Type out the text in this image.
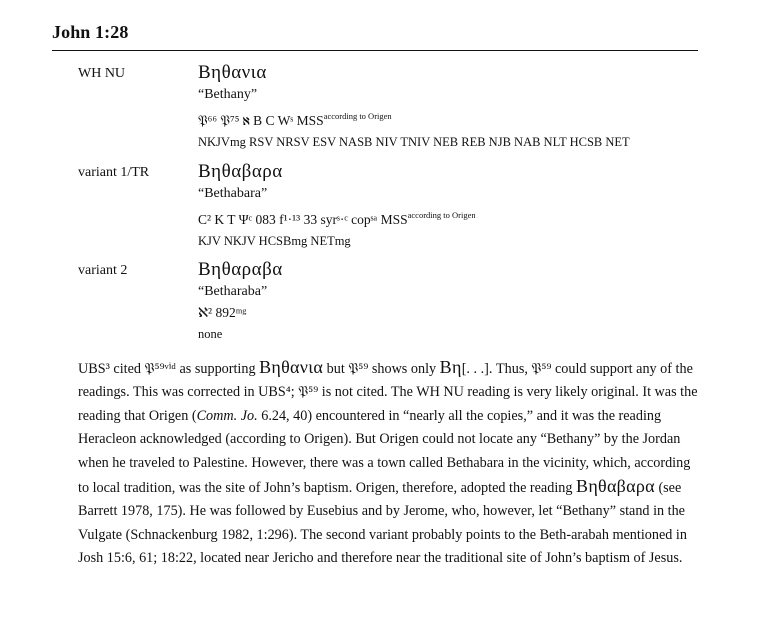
John 1:28
WH NU	Βηθανια
“Bethany”
𝔓⁶⁶ 𝔓⁷⁵ ℵ B C Wˢ $MSS^{according to Origen}$
NKJVmg RSV NRSV ESV NASB NIV TNIV NEB REB NJB NAB NLT HCSB NET
variant 1/TR	Βηθαβαρα
“Bethabara”
C² K T Ψᶜ 083 f¹·¹³ 33 syrˢ·ᶜ copˢᵃ $MSS^{according to Origen}$
KJV NKJV HCSBmg NETmg
variant 2	Βηθαραβα
“Betharaba”
ℵ² 892ᵐᵍ
none

UBS³ cited 𝔓⁵⁹ᵛⁱᵈ as supporting Βηθανια but 𝔓⁵⁹ shows only Βη[. . .]. Thus, 𝔓⁵⁹ could support any of the readings. This was corrected in UBS⁴; 𝔓⁵⁹ is not cited. The WH NU reading is very likely original. It was the reading that Origen (Comm. Jo. 6.24, 40) encountered in “nearly all the copies,” and it was the reading Heracleon acknowledged (according to Origen). But Origen could not locate any “Bethany” by the Jordan when he traveled to Palestine. However, there was a town called Bethabara in the vicinity, which, according to local tradition, was the site of John’s baptism. Origen, therefore, adopted the reading Βηθαβαρα (see Barrett 1978, 175). He was followed by Eusebius and by Jerome, who, however, let “Bethany” stand in the Vulgate (Schnackenburg 1982, 1:296). The second variant probably points to the Beth-arabah mentioned in Josh 15:6, 61; 18:22, located near Jericho and therefore near the traditional site of John’s baptism of Jesus.
